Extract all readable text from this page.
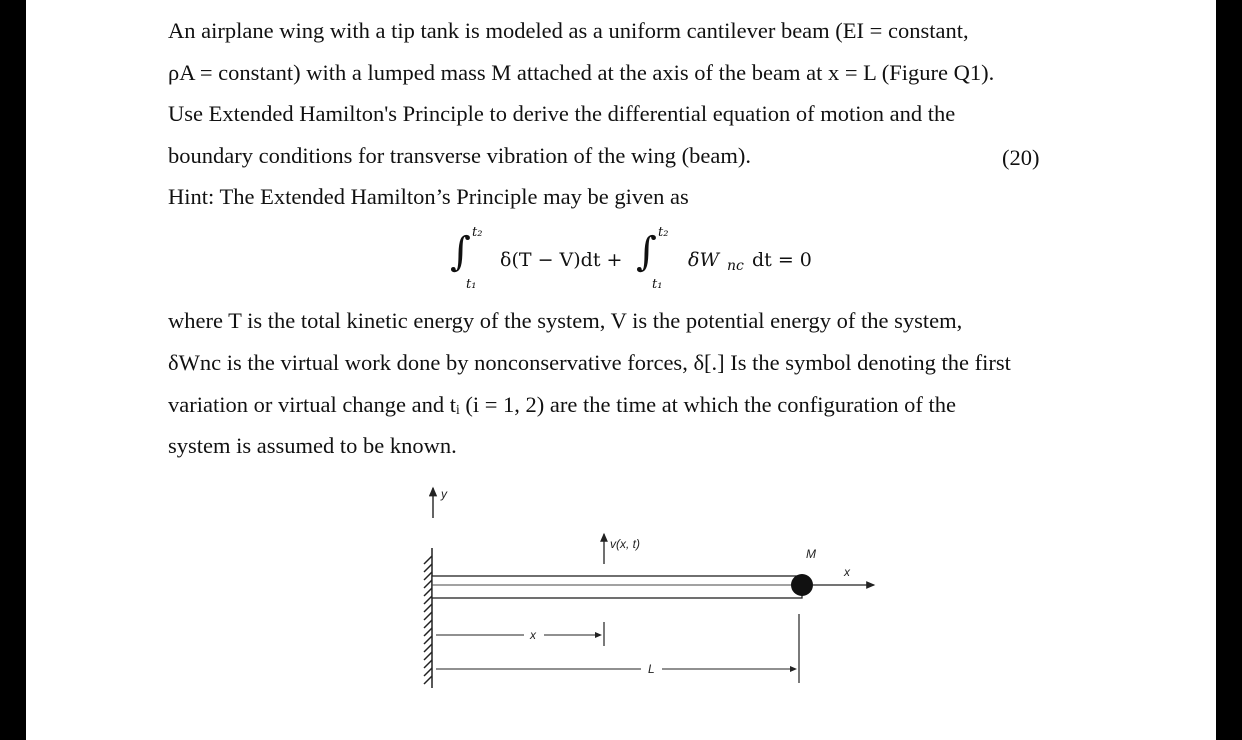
An airplane wing with a tip tank is modeled as a uniform cantilever beam (EI = constant,
ρA = constant) with a lumped mass M attached at the axis of the beam at x = L (Figure Q1).
Use Extended Hamilton's Principle to derive the differential equation of motion and the
boundary conditions for transverse vibration of the wing (beam).	(20)
Hint: The Extended Hamilton’s Principle may be given as
∫ t₂
t₁
δ(T − V)dt + ∫ t₂
t₁
δW nc dt = 0
where T is the total kinetic energy of the system, V is the potential energy of the system,
δWnc is the virtual work done by nonconservative forces, δ[.] Is the symbol denoting the first
variation or virtual change and tᵢ (i = 1, 2) are the time at which the configuration of the
system is assumed to be known.
y
v(x, t)
M
x
x
L
